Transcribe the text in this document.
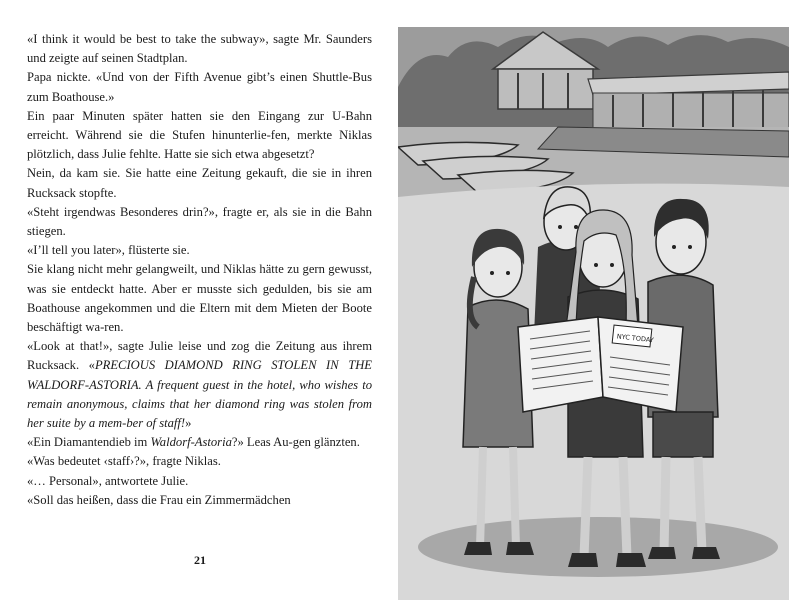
«I think it would be best to take the subway», sagte Mr. Saunders und zeigte auf seinen Stadtplan.

Papa nickte. «Und von der Fifth Avenue gibt’s einen Shuttle-Bus zum Boathouse.»

Ein paar Minuten später hatten sie den Eingang zur U-Bahn erreicht. Während sie die Stufen hinunterlie-fen, merkte Niklas plötzlich, dass Julie fehlte. Hatte sie sich etwa abgesetzt?

Nein, da kam sie. Sie hatte eine Zeitung gekauft, die sie in ihren Rucksack stopfte.

«Steht irgendwas Besonderes drin?», fragte er, als sie in die Bahn stiegen.

«I’ll tell you later», flüsterte sie.

Sie klang nicht mehr gelangweilt, und Niklas hätte zu gern gewusst, was sie entdeckt hatte. Aber er musste sich gedulden, bis sie am Boathouse angekommen und die Eltern mit dem Mieten der Boote beschäftigt wa-ren.

«Look at that!», sagte Julie leise und zog die Zeitung aus ihrem Rucksack. «PRECIOUS DIAMOND RING STOLEN IN THE WALDORF-ASTORIA. A frequent guest in the hotel, who wishes to remain anonymous, claims that her diamond ring was stolen from her suite by a mem-ber of staff!»

«Ein Diamantendieb im Waldorf-Astoria?» Leas Au-gen glänzten.

«Was bedeutet ‹staff›?», fragte Niklas.

«… Personal», antwortete Julie.

«Soll das heißen, dass die Frau ein Zimmermädchen

21
NYC TODAY
